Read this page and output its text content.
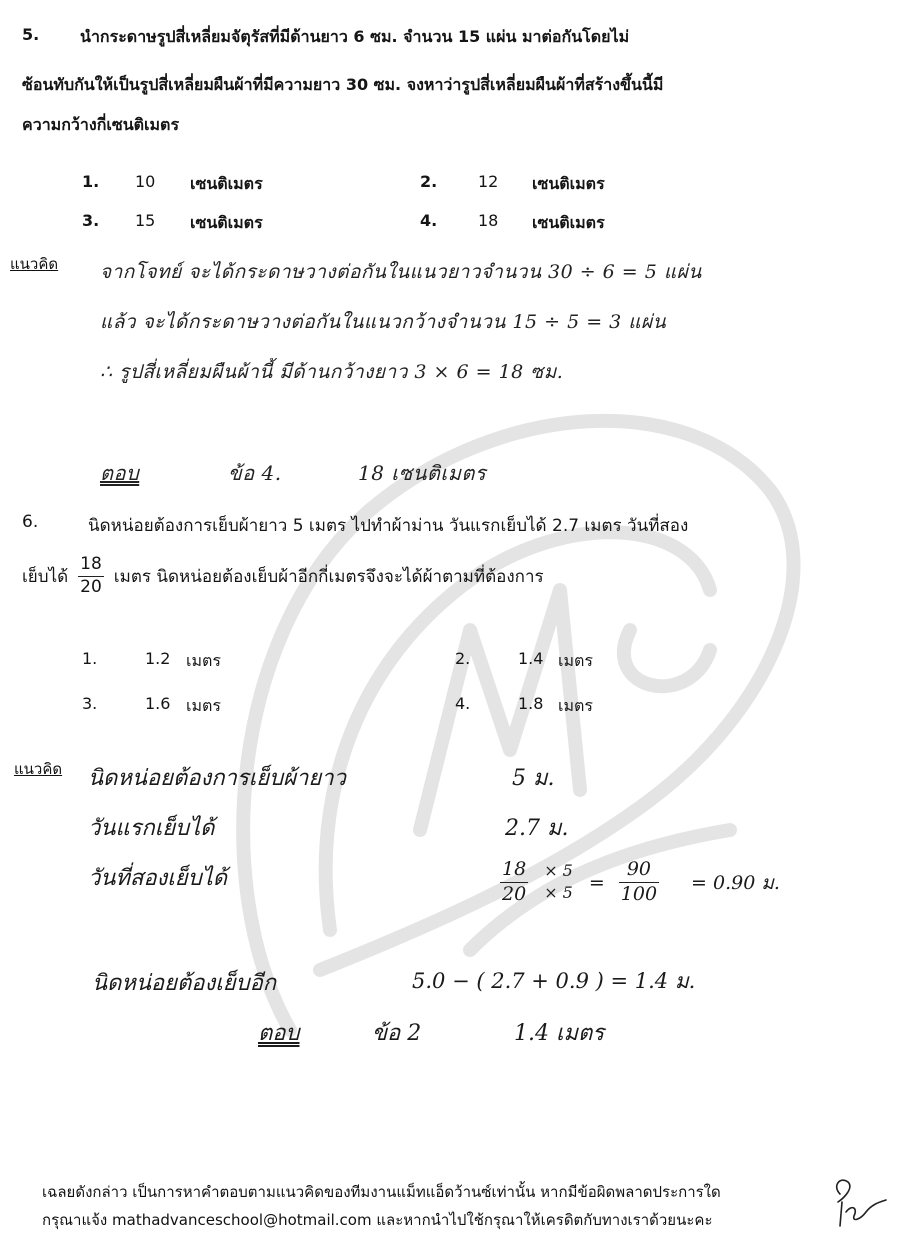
5.	นำกระดาษรูปสี่เหลี่ยมจัตุรัสที่มีด้านยาว 6 ซม. จำนวน 15 แผ่น มาต่อกันโดยไม่
ซ้อนทับกันให้เป็นรูปสี่เหลี่ยมผืนผ้าที่มีความยาว 30 ซม. จงหาว่ารูปสี่เหลี่ยมผืนผ้าที่สร้างขึ้นนี้มี
ความกว้างกี่เซนติเมตร
1. 10 เซนติเมตร	2.	12 เซนติเมตร
3. 15 เซนติเมตร	4.	18 เซนติเมตร
แนวคิด จากโจทย์ จะได้กระดาษวางต่อกันในแนวยาวจำนวน 30 ÷ 6 = 5 แผ่น
แล้ว จะได้กระดาษวางต่อกันในแนวกว้างจำนวน 15 ÷ 5 = 3 แผ่น
∴ รูปสี่เหลี่ยมผืนผ้านี้ มีด้านกว้างยาว 3 × 6 = 18 ซม.
ตอบ	ข้อ 4.	18 เซนติเมตร
6.	นิดหน่อยต้องการเย็บผ้ายาว 5 เมตร ไปทำผ้าม่าน วันแรกเย็บได้ 2.7 เมตร วันที่สอง
เย็บได้ $\frac{18}{20}$ เมตร นิดหน่อยต้องเย็บผ้าอีกกี่เมตรจึงจะได้ผ้าตามที่ต้องการ
1.	1.2 เมตร	2.	1.4 เมตร
3.	1.6 เมตร	4.	1.8 เมตร
แนวคิด นิดหน่อยต้องการเย็บผ้ายาว	5 ม.
วันแรกเย็บได้	2.7 ม.
วันที่สองเย็บได้	$\frac{18}{20} \times 5$
× $5 = \frac{90}{100} = 0.90$ ม.
นิดหน่อยต้องเย็บอีก	5.0 − ( 2.7 + 0.9 ) = 1.4 ม.
ตอบ	ข้อ 2	1.4 เมตร
เฉลยดังกล่าว เป็นการหาคำตอบตามแนวคิดของทีมงานแม็ทแอ็ดว้านซ์เท่านั้น หากมีข้อผิดพลาดประการใด
กรุณาแจ้ง mathadvanceschool@hotmail.com และหากนำไปใช้กรุณาให้เครดิตกับทางเราด้วยนะคะ
